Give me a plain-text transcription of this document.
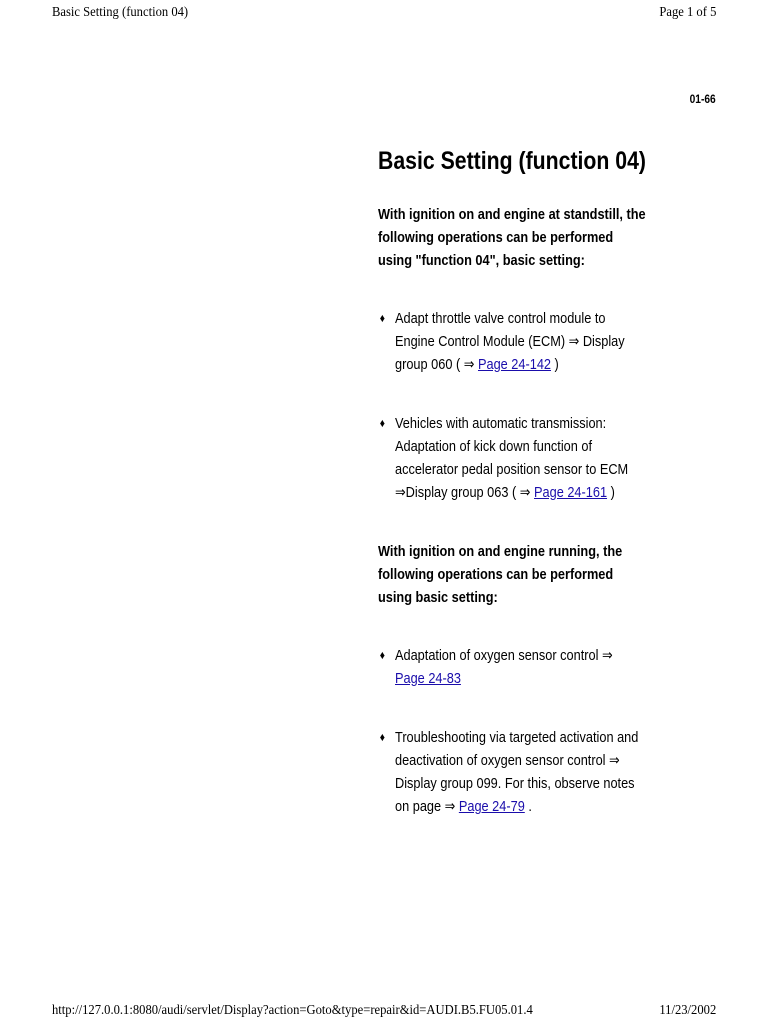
Basic Setting (function 04)	Page 1 of 5
01-66
Basic Setting (function 04)
With ignition on and engine at standstill, the following operations can be performed using "function 04", basic setting:
♦ Adapt throttle valve control module to Engine Control Module (ECM) ⇒ Display group 060 ( ⇒ Page 24-142 )
♦ Vehicles with automatic transmission: Adaptation of kick down function of accelerator pedal position sensor to ECM ⇒Display group 063 ( ⇒ Page 24-161 )
With ignition on and engine running, the following operations can be performed using basic setting:
♦ Adaptation of oxygen sensor control ⇒ Page 24-83
♦ Troubleshooting via targeted activation and deactivation of oxygen sensor control ⇒ Display group 099. For this, observe notes on page ⇒ Page 24-79 .
http://127.0.0.1:8080/audi/servlet/Display?action=Goto&type=repair&id=AUDI.B5.FU05.01.4	11/23/2002
